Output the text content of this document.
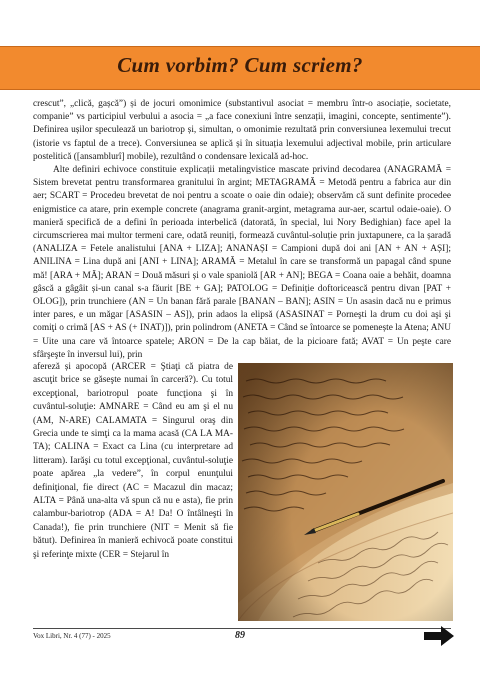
Cum vorbim? Cum scriem?

crescut”, „clică, gașcă”) și de jocuri omonimice (substantivul asociat = membru într-o asociație, societate, companie” vs participiul verbului a asocia = „a face conexiuni între senzații, imagini, concepte, sentimente”). Definirea ușilor speculează un bariotrop și, simultan, o omonimie rezultată prin conversiunea lexemului trecut (istorie vs faptul de a trece). Conversiunea se aplică și în situația lexemului adjectival mobile, prin articulare postelitică ([ansamblurî] mobile), rezultând o condensare lexicală ad-hoc.

Alte definiri echivoce constituie explicații metalingvistice mascate privind decodarea (ANAGRAMĂ = Sistem brevetat pentru transformarea granitului în argint; METAGRAMĂ = Metodă pentru a fabrica aur din aer; SCART = Procedeu brevetat de noi pentru a scoate o oaie din odaie); observăm că sunt definite procedee enigmistice ca atare, prin exemple concrete (anagrama granit-argint, metagrama aur-aer, scartul odaie-oaie). O manieră specifică de a defini în perioada interbelică (datorată, în special, lui Nory Bedighian) face apel la circumscrierea mai multor termeni care, odată reuniți, formează cuvântul-soluție prin juxtapunere, ca la șaradă (ANALIZA = Fetele analistului [ANA + LIZA]; ANANAȘI = Campioni după doi ani [AN + AN + AȘI]; ANILINA = Lina după ani [ANI + LINA]; ARAMĂ = Metalul în care se transformă un papagal când spune mă! [ARA + MĂ]; ARAN = Două măsuri și o vale spaniolă [AR + AN]; BEGA = Coana oaie a behăit, doamna gâscă a gâgâit și-un canal s-a făurit [BE + GA]; PATOLOG = Definiție doftoricească pentru divan [PAT + OLOG]), prin trunchiere (AN = Un banan fără parale [BANAN – BAN]; ASIN = Un asasin dacă nu e primus inter pares, e un măgar [ASASIN – AS]), prin adaos la elipsă (ASASINAT = Porneşti la drum cu doi aşi şi comiţi o crimă [AS + AS (+ INAT)]), prin polindrom (ANETA = Când se întoarce se pomenește la Atena; ANU = Uite una care vă întoarce spatele; ARON = De la cap băiat, de la picioare fată; AVAT = Un peşte care sfârşeşte în inversul lui), prin

afereză și apocopă (ARCER = Ştiaţi că piatra de ascuţit brice se găseşte numai în carceră?). Cu totul excepţional, bariotropul poate funcţiona şi în cuvântul-soluţie: AMNARE = Când eu am şi el nu (AM, N-ARE) CALAMATA = Singurul oraş din Grecia unde te simţi ca la mama acasă (CA LA MA-TA); CALINA = Exact ca Lina (cu interpretare ad litteram). Iarăşi cu totul excepţional, cuvântul-soluţie poate apărea „la vedere”, în corpul enunţului definiţional, fie direct (AC = Macazul din macaz; ALTA = Până una-alta vă spun că nu e asta), fie prin calambur-bariotrop (ADA = A! Da! O întâlneşti în Canada!), fie prin trunchiere (NIT = Menit să fie bătut). Definirea în manieră echivocă poate constitui şi referinţe mixte (CER = Stejarul în

Vox Libri, Nr. 4 (77) - 2025	89
